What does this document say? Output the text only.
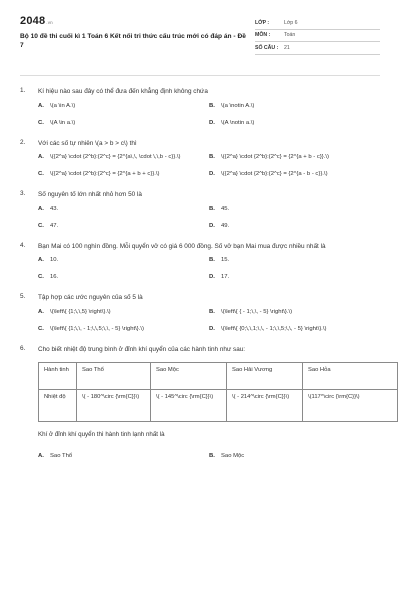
2048 .vn
Bộ 10 đề thi cuối kì 1 Toán 6 Kết nối tri thức cấu trúc mới có đáp án - Đề 7
LỚP :	Lớp 6
MÔN :	Toán
SỐ CÂU :	21
1.	Kí hiệu nào sau đây có thể đưa đến khẳng định không chứa
A.	\(a \in A.\)	B.	\(a \notin A.\)
C.	\(A \in a.\)	D.	\(A \notin a.\)
2.	Với các số tự nhiên \(a > b > c\) thì
A.	\({2^a} \cdot {2^b}:{2^c} = {2^{a\,\, \cdot \,\,b - c}}.\)	B.	\({2^a} \cdot {2^b}:{2^c} = {2^{a + b - c}}.\)
C.	\({2^a} \cdot {2^b}:{2^c} = {2^{a + b + c}}.\)	D.	\({2^a} \cdot {2^b}:{2^c} = {2^{a - b - c}}.\)
3.	Số nguyên tố lớn nhất nhỏ hơn 50 là
A.	43.	B.	45.
C.	47.	D.	49.
4.	Bạn Mai có 100 nghìn đồng. Mỗi quyển vở có giá 6 000 đồng. Số vở bạn Mai mua được nhiều nhất là
A.	10.	B.	15.
C.	16.	D.	17.
5.	Tập hợp các ước nguyên của số 5 là
A.	\(\left\{ {1;\,\,5} \right\}.\)	B.	\(\left\{ { - 1;\,\, - 5} \right\}.\)
C.	\(\left\{ {1;\,\, - 1;\,\,5;\,\, - 5} \right\}.\)	D.	\(\left\{ {0;\,\,1;\,\, - 1;\,\,5;\,\, - 5} \right\}.\)
6.	Cho biết nhiệt độ trung bình ở đỉnh khí quyển của các hành tinh như sau:
Hành tinh	Sao Thổ	Sao Mộc	Sao Hải Vương	Sao Hỏa
Nhiệt độ	\( - 180^\circ {\rm{C}}\)	\( - 145^\circ {\rm{C}}\)	\( - 214^\circ {\rm{C}}\)	\(117^\circ {\rm{C}}\)
Khí ở đỉnh khí quyển thì hành tinh lạnh nhất là
A.	Sao Thổ	B.	Sao Mộc
